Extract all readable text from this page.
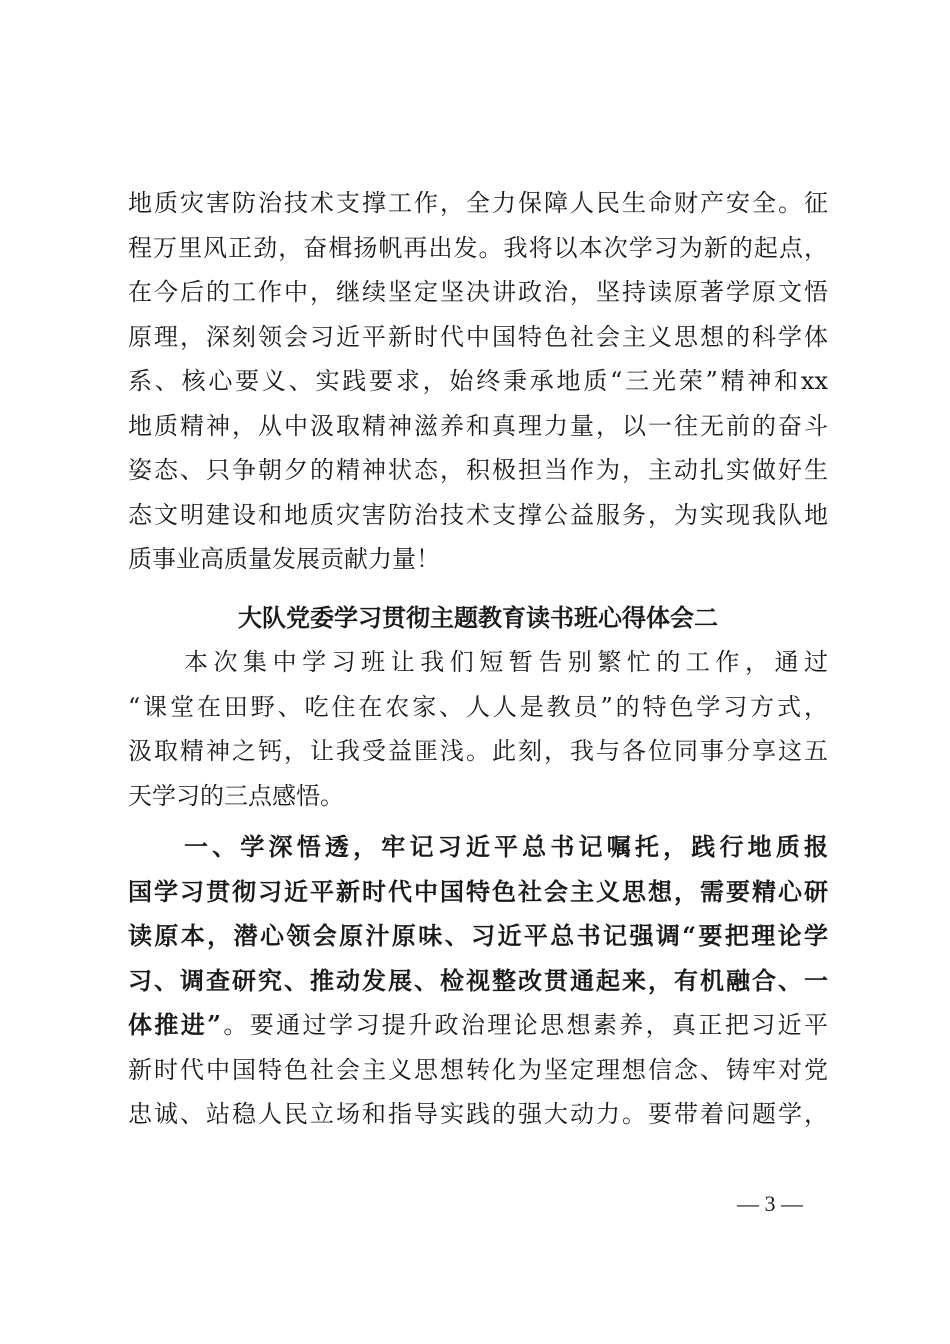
地质灾害防治技术支撑工作，全力保障人民生命财产安全。征
程万里风正劲，奋楫扬帆再出发。我将以本次学习为新的起点，
在今后的工作中，继续坚定坚决讲政治，坚持读原著学原文悟
原理，深刻领会习近平新时代中国特色社会主义思想的科学体
系、核心要义、实践要求，始终秉承地质“三光荣”精神和xx
地质精神，从中汲取精神滋养和真理力量，以一往无前的奋斗
姿态、只争朝夕的精神状态，积极担当作为，主动扎实做好生
态文明建设和地质灾害防治技术支撑公益服务，为实现我队地
质事业高质量发展贡献力量！
大队党委学习贯彻主题教育读书班心得体会二
本次集中学习班让我们短暂告别繁忙的工作，通过
“课堂在田野、吃住在农家、人人是教员”的特色学习方式，
汲取精神之钙，让我受益匪浅。此刻，我与各位同事分享这五
天学习的三点感悟。
一、学深悟透，牢记习近平总书记嘱托，践行地质报
国学习贯彻习近平新时代中国特色社会主义思想，需要精心研
读原本，潜心领会原汁原味、习近平总书记强调“要把理论学
习、调查研究、推动发展、检视整改贯通起来，有机融合、一
体推进”。要通过学习提升政治理论思想素养，真正把习近平
新时代中国特色社会主义思想转化为坚定理想信念、铸牢对党
忠诚、站稳人民立场和指导实践的强大动力。要带着问题学，
— 3 —
